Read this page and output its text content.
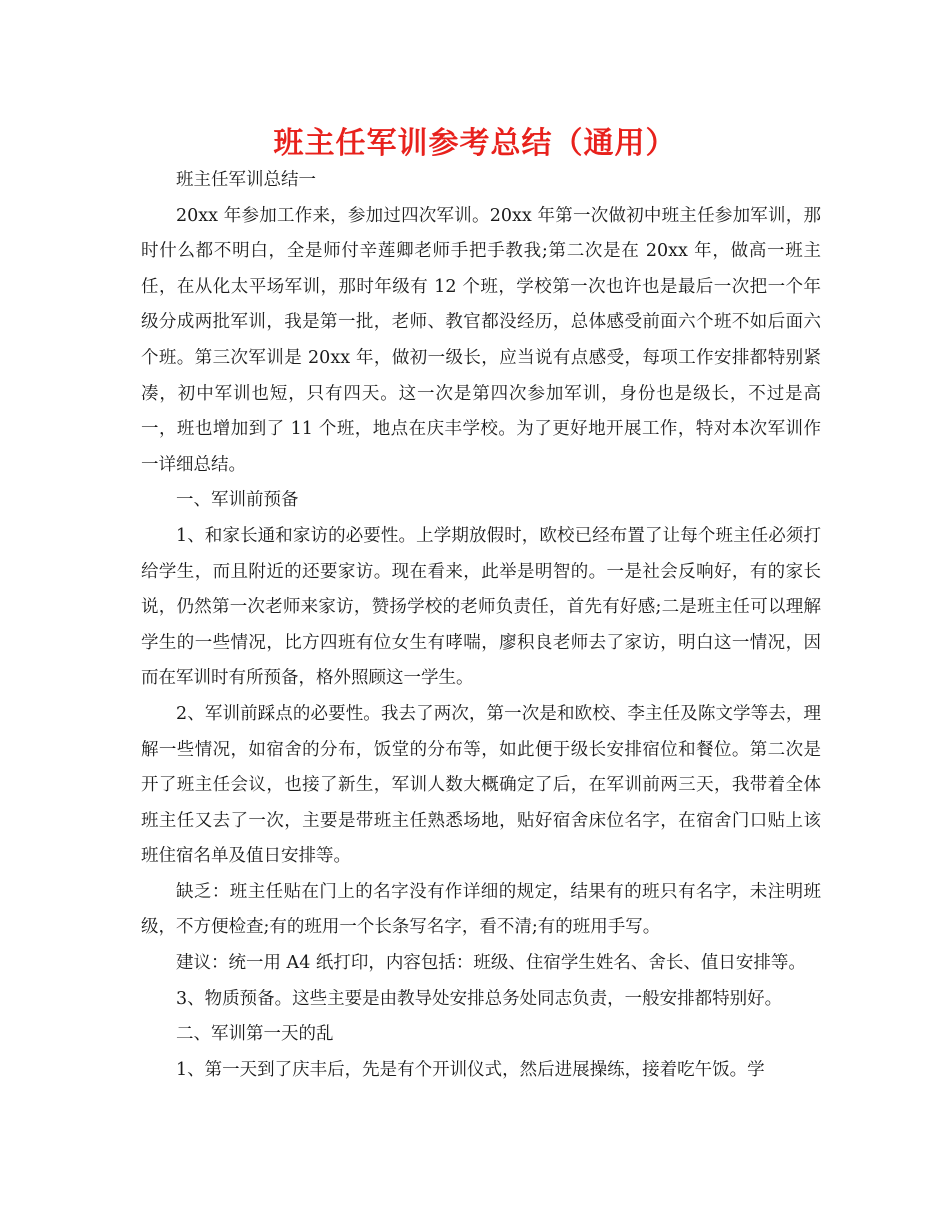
班主任军训参考总结（通用）

班主任军训总结一

20xx 年参加工作来，参加过四次军训。20xx 年第一次做初中班主任参加军训，那时什么都不明白，全是师付辛莲卿老师手把手教我;第二次是在 20xx 年，做高一班主任，在从化太平场军训，那时年级有 12 个班，学校第一次也许也是最后一次把一个年级分成两批军训，我是第一批，老师、教官都没经历，总体感受前面六个班不如后面六个班。第三次军训是 20xx 年，做初一级长，应当说有点感受，每项工作安排都特别紧凑，初中军训也短，只有四天。这一次是第四次参加军训，身份也是级长，不过是高一，班也增加到了 11 个班，地点在庆丰学校。为了更好地开展工作，特对本次军训作一详细总结。

一、军训前预备

1、和家长通和家访的必要性。上学期放假时，欧校已经布置了让每个班主任必须打给学生，而且附近的还要家访。现在看来，此举是明智的。一是社会反响好，有的家长说，仍然第一次老师来家访，赞扬学校的老师负责任，首先有好感;二是班主任可以理解学生的一些情况，比方四班有位女生有哮喘，廖积良老师去了家访，明白这一情况，因而在军训时有所预备，格外照顾这一学生。

2、军训前踩点的必要性。我去了两次，第一次是和欧校、李主任及陈文学等去，理解一些情况，如宿舍的分布，饭堂的分布等，如此便于级长安排宿位和餐位。第二次是开了班主任会议，也接了新生，军训人数大概确定了后，在军训前两三天，我带着全体班主任又去了一次，主要是带班主任熟悉场地，贴好宿舍床位名字，在宿舍门口贴上该班住宿名单及值日安排等。

缺乏：班主任贴在门上的名字没有作详细的规定，结果有的班只有名字，未注明班级，不方便检查;有的班用一个长条写名字，看不清;有的班用手写。

建议：统一用 A4 纸打印，内容包括：班级、住宿学生姓名、舍长、值日安排等。

3、物质预备。这些主要是由教导处安排总务处同志负责，一般安排都特别好。

二、军训第一天的乱

1、第一天到了庆丰后，先是有个开训仪式，然后进展操练，接着吃午饭。学
